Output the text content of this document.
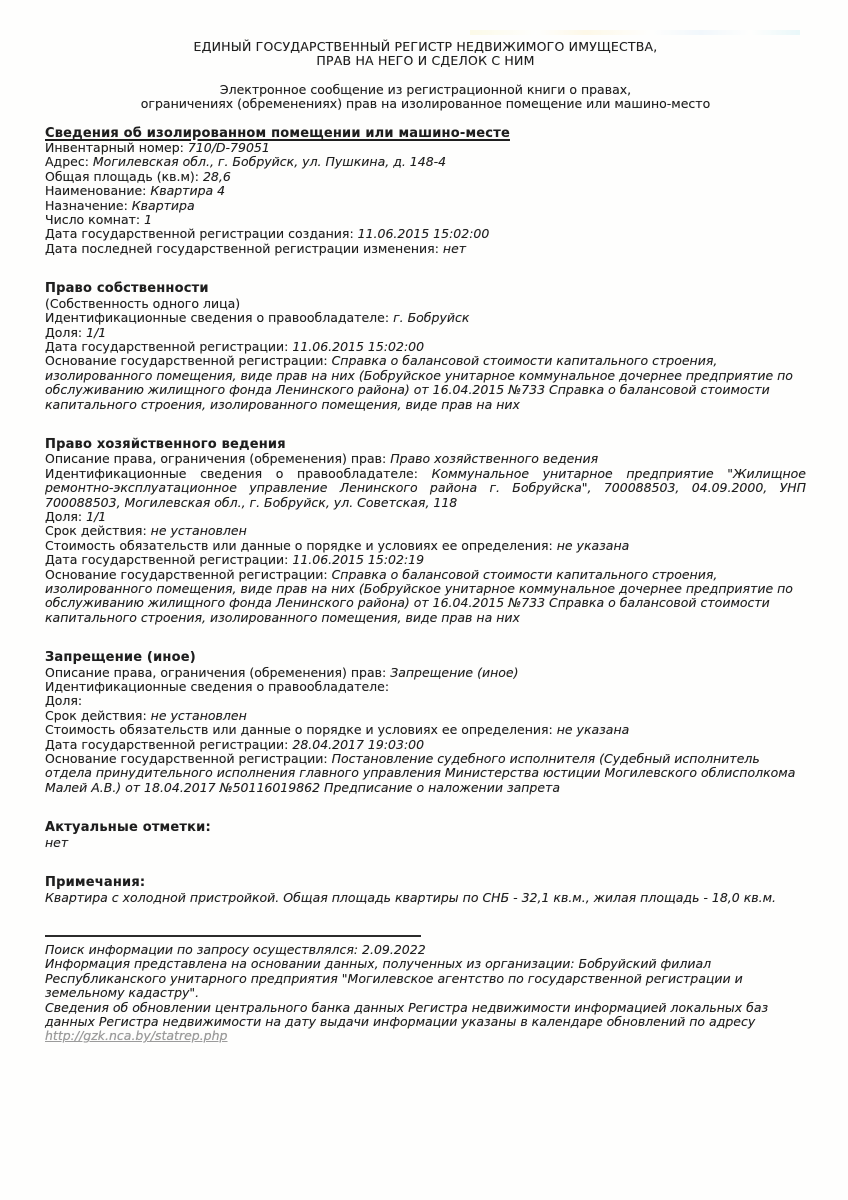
ЕДИНЫЙ ГОСУДАРСТВЕННЫЙ РЕГИСТР НЕДВИЖИМОГО ИМУЩЕСТВА,
ПРАВ НА НЕГО И СДЕЛОК С НИМ
Электронное сообщение из регистрационной книги о правах,
ограничениях (обременениях) прав на изолированное помещение или машино-место
Сведения об изолированном помещении или машино-месте
Инвентарный номер: 710/D-79051
Адрес: Могилевская обл., г. Бобруйск, ул. Пушкина, д. 148-4
Общая площадь (кв.м): 28,6
Наименование: Квартира 4
Назначение: Квартира
Число комнат: 1
Дата государственной регистрации создания: 11.06.2015 15:02:00
Дата последней государственной регистрации изменения: нет
Право собственности
(Собственность одного лица)
Идентификационные сведения о правообладателе: г. Бобруйск
Доля: 1/1
Дата государственной регистрации: 11.06.2015 15:02:00
Основание государственной регистрации: Справка о балансовой стоимости капитального строения, изолированного помещения, виде прав на них (Бобруйское унитарное коммунальное дочернее предприятие по обслуживанию жилищного фонда Ленинского района) от 16.04.2015 №733 Справка о балансовой стоимости капитального строения, изолированного помещения, виде прав на них
Право хозяйственного ведения
Описание права, ограничения (обременения) прав: Право хозяйственного ведения
Идентификационные сведения о правообладателе: Коммунальное унитарное предприятие "Жилищное ремонтно-эксплуатационное управление Ленинского района г. Бобруйска", 700088503, 04.09.2000, УНП 700088503, Могилевская обл., г. Бобруйск, ул. Советская, 118
Доля: 1/1
Срок действия: не установлен
Стоимость обязательств или данные о порядке и условиях ее определения: не указана
Дата государственной регистрации: 11.06.2015 15:02:19
Основание государственной регистрации: Справка о балансовой стоимости капитального строения, изолированного помещения, виде прав на них (Бобруйское унитарное коммунальное дочернее предприятие по обслуживанию жилищного фонда Ленинского района) от 16.04.2015 №733 Справка о балансовой стоимости капитального строения, изолированного помещения, виде прав на них
Запрещение (иное)
Описание права, ограничения (обременения) прав: Запрещение (иное)
Идентификационные сведения о правообладателе:
Доля:
Срок действия: не установлен
Стоимость обязательств или данные о порядке и условиях ее определения: не указана
Дата государственной регистрации: 28.04.2017 19:03:00
Основание государственной регистрации: Постановление судебного исполнителя (Судебный исполнитель отдела принудительного исполнения главного управления Министерства юстиции Могилевского облисполкома Малей А.В.) от 18.04.2017 №50116019862 Предписание о наложении запрета
Актуальные отметки:
нет
Примечания:
Квартира с холодной пристройкой. Общая площадь квартиры по СНБ - 32,1 кв.м., жилая площадь - 18,0 кв.м.
Поиск информации по запросу осуществлялся: 2.09.2022
Информация представлена на основании данных, полученных из организации: Бобруйский филиал Республиканского унитарного предприятия "Могилевское агентство по государственной регистрации и земельному кадастру".
Сведения об обновлении центрального банка данных Регистра недвижимости информацией локальных баз данных Регистра недвижимости на дату выдачи информации указаны в календаре обновлений по адресу
http://gzk.nca.by/statrep.php
